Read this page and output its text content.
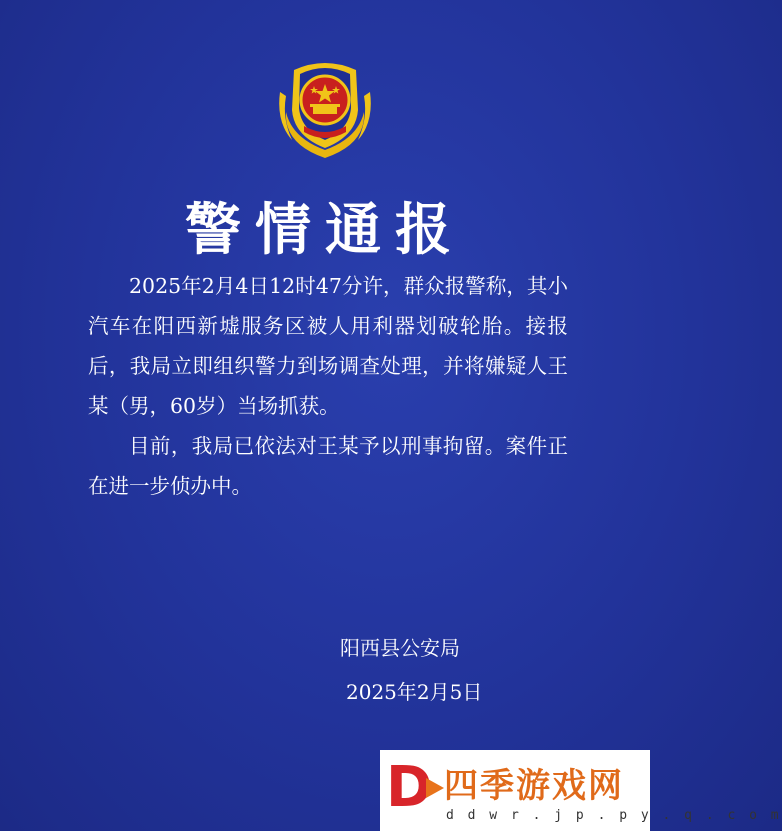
警情通报

2025年2月4日12时47分许，群众报警称，其小汽车在阳西新墟服务区被人用利器划破轮胎。接报后，我局立即组织警力到场调查处理，并将嫌疑人王某（男，60岁）当场抓获。

目前，我局已依法对王某予以刑事拘留。案件正在进一步侦办中。

阳西县公安局
2025年2月5日
D 四季游戏网
d d w r . j p . p y . q . c o m
